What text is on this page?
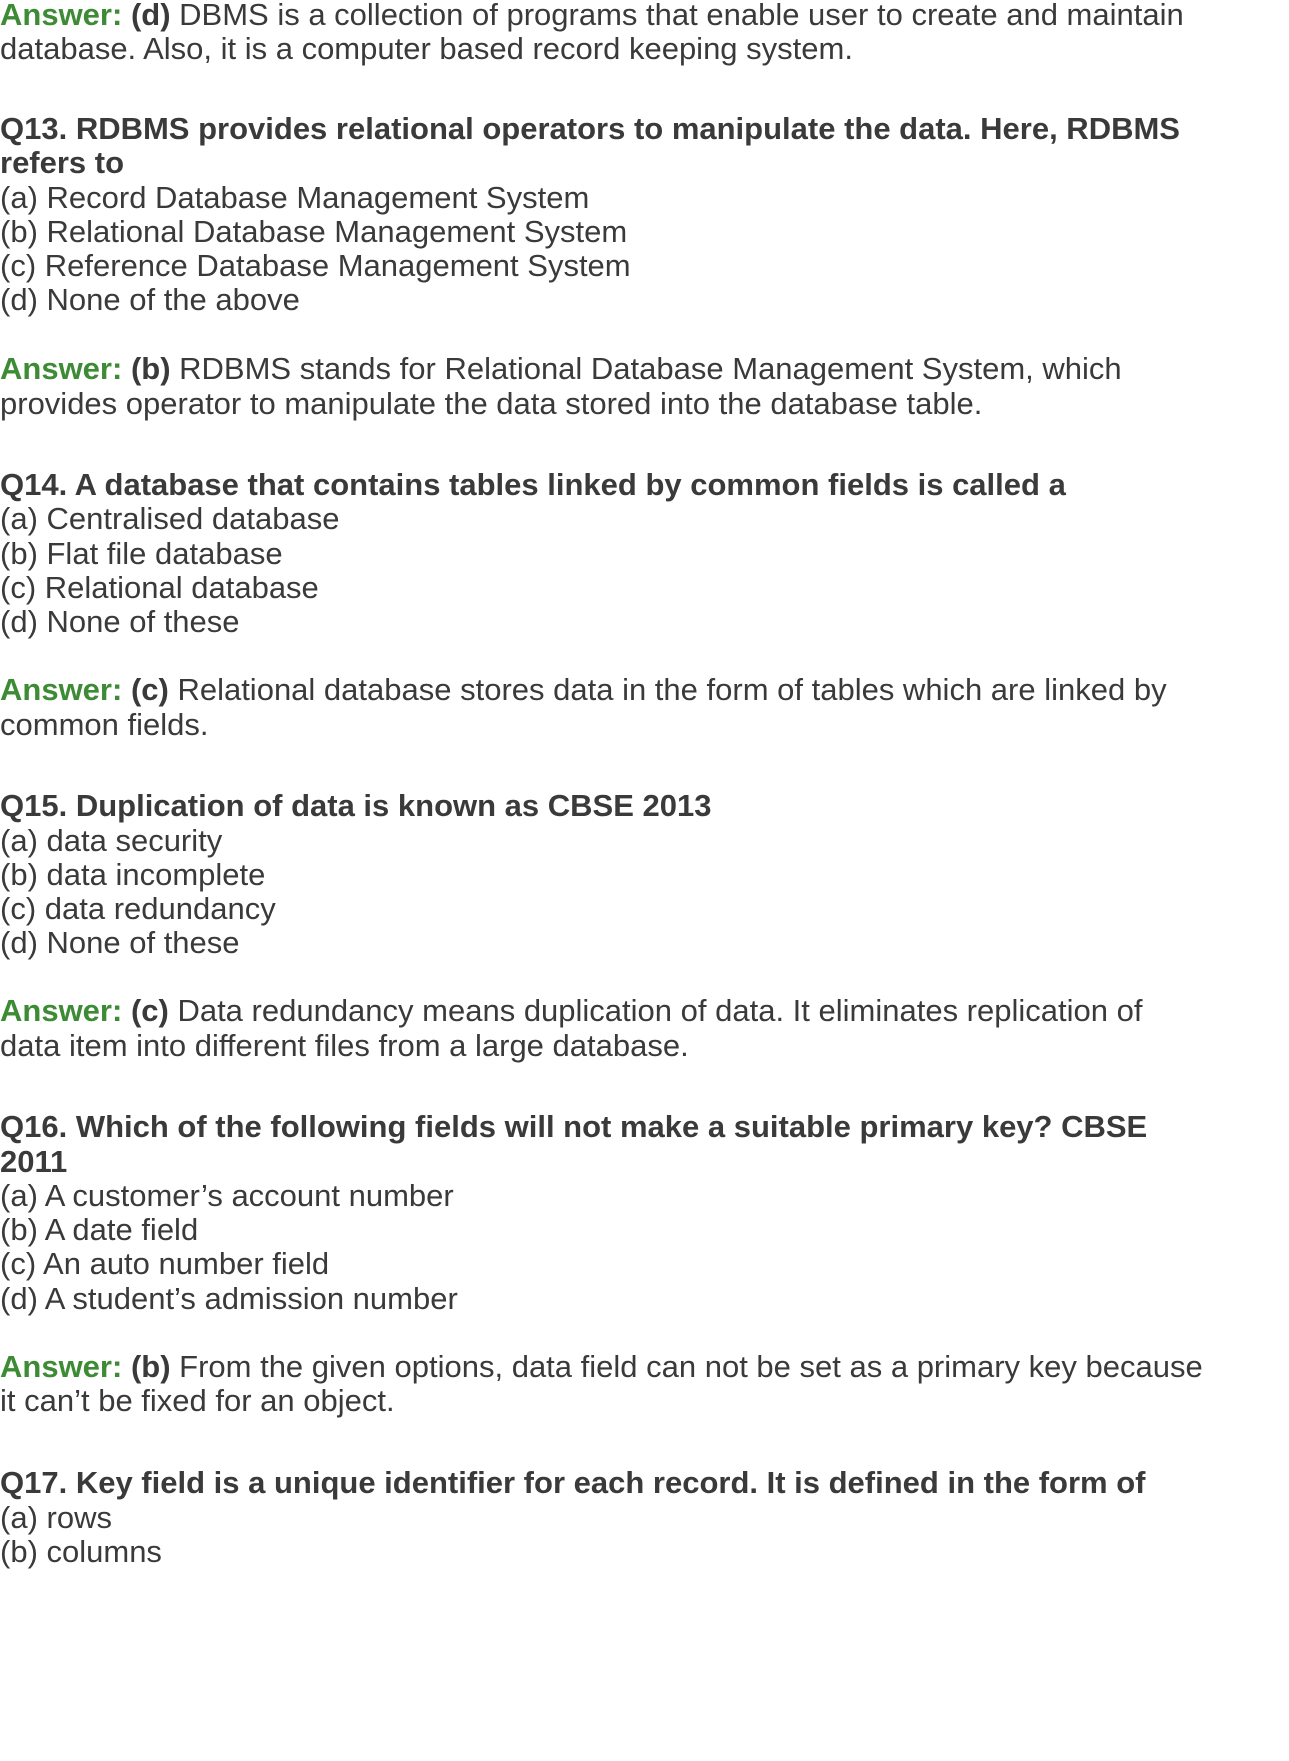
Answer: (d) DBMS is a collection of programs that enable user to create and maintain
database. Also, it is a computer based record keeping system.
Q13. RDBMS provides relational operators to manipulate the data. Here, RDBMS
refers to
(a) Record Database Management System
(b) Relational Database Management System
(c) Reference Database Management System
(d) None of the above
Answer: (b) RDBMS stands for Relational Database Management System, which
provides operator to manipulate the data stored into the database table.
Q14. A database that contains tables linked by common fields is called a
(a) Centralised database
(b) Flat file database
(c) Relational database
(d) None of these
Answer: (c) Relational database stores data in the form of tables which are linked by
common fields.
Q15. Duplication of data is known as CBSE 2013
(a) data security
(b) data incomplete
(c) data redundancy
(d) None of these
Answer: (c) Data redundancy means duplication of data. It eliminates replication of
data item into different files from a large database.
Q16. Which of the following fields will not make a suitable primary key? CBSE
2011
(a) A customer’s account number
(b) A date field
(c) An auto number field
(d) A student’s admission number
Answer: (b) From the given options, data field can not be set as a primary key because
it can’t be fixed for an object.
Q17. Key field is a unique identifier for each record. It is defined in the form of
(a) rows
(b) columns
